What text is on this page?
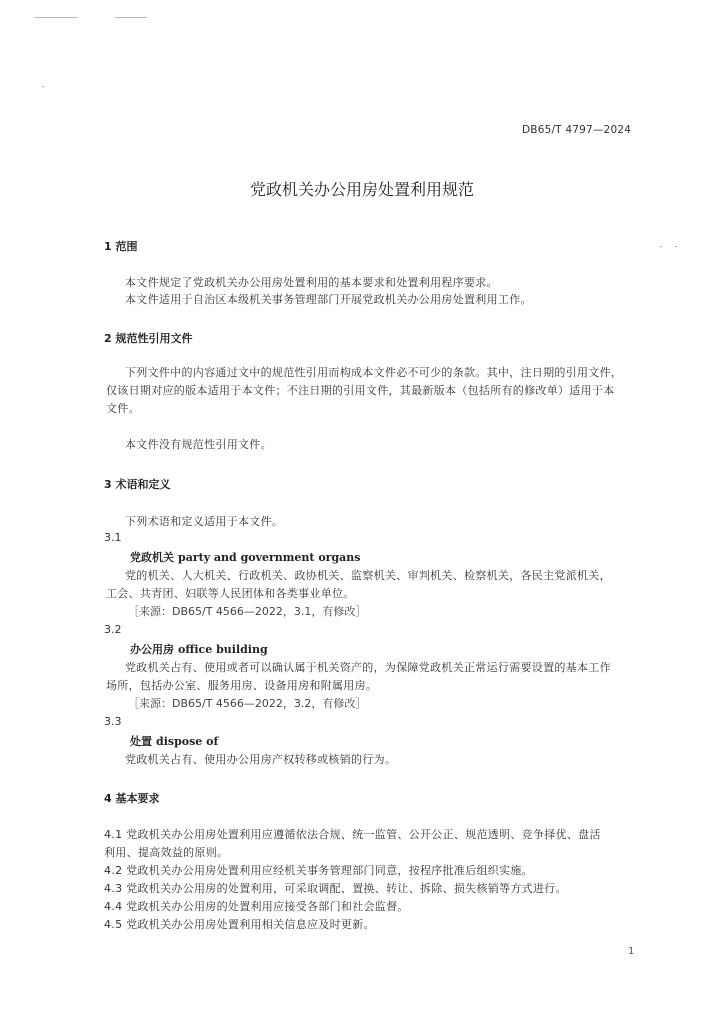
DB65/T 4797—2024
党政机关办公用房处置利用规范
1 范围
本文件规定了党政机关办公用房处置利用的基本要求和处置利用程序要求。
本文件适用于自治区本级机关事务管理部门开展党政机关办公用房处置利用工作。
2 规范性引用文件
下列文件中的内容通过文中的规范性引用而构成本文件必不可少的条款。其中，注日期的引用文件，
仅该日期对应的版本适用于本文件；不注日期的引用文件，其最新版本（包括所有的修改单）适用于本
文件。
本文件没有规范性引用文件。
3 术语和定义
下列术语和定义适用于本文件。
3.1
党政机关 party and government organs
党的机关、人大机关、行政机关、政协机关、监察机关、审判机关、检察机关，各民主党派机关，
工会、共青团、妇联等人民团体和各类事业单位。
［来源：DB65/T 4566—2022，3.1，有修改］
3.2
办公用房 office building
党政机关占有、使用或者可以确认属于机关资产的，为保障党政机关正常运行需要设置的基本工作
场所，包括办公室、服务用房、设备用房和附属用房。
［来源：DB65/T 4566—2022，3.2，有修改］
3.3
处置 dispose of
党政机关占有、使用办公用房产权转移或核销的行为。
4 基本要求
4.1 党政机关办公用房处置利用应遵循依法合规、统一监管、公开公正、规范透明、竞争择优、盘活
利用、提高效益的原则。
4.2 党政机关办公用房处置利用应经机关事务管理部门同意，按程序批准后组织实施。
4.3 党政机关办公用房的处置利用，可采取调配、置换、转让、拆除、损失核销等方式进行。
4.4 党政机关办公用房的处置利用应接受各部门和社会监督。
4.5 党政机关办公用房处置利用相关信息应及时更新。
1
